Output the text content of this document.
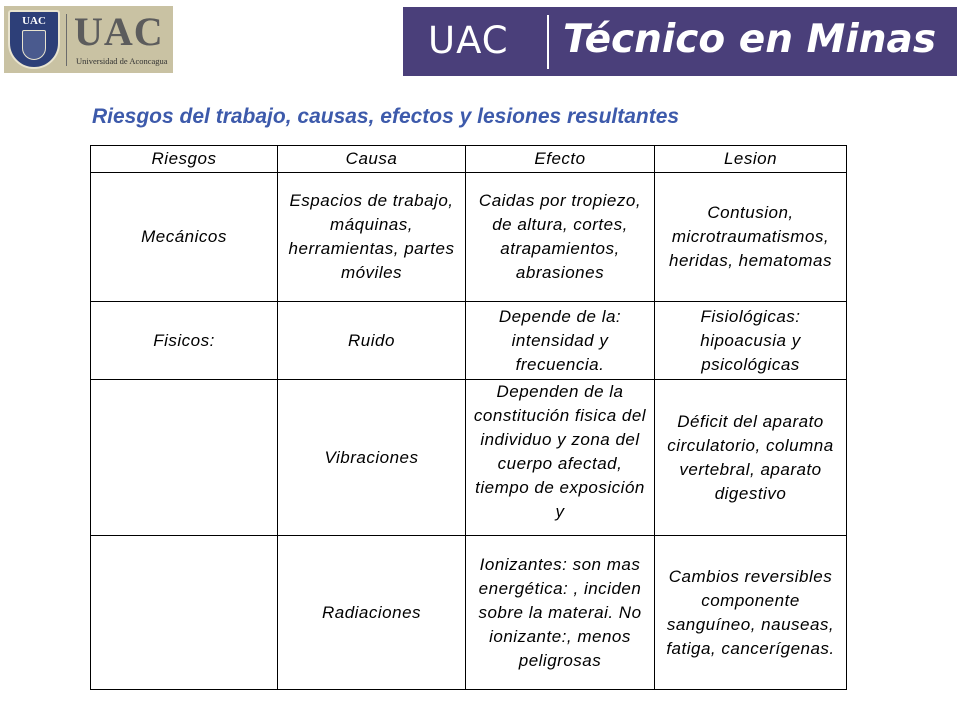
UAC UAC
Universidad de Aconcagua	UAC Técnico en Minas
Riesgos del trabajo, causas, efectos y lesiones resultantes
Riesgos	Causa	Efecto	Lesion
Mecánicos	Espacios de trabajo, máquinas, herramientas, partes móviles	Caidas por tropiezo, de altura, cortes, atrapamientos, abrasiones	Contusion, microtraumatismos, heridas, hematomas

Fisicos:	Ruido	Depende de la: intensidad y frecuencia.	Fisiológicas: hipoacusia y psicológicas

	Vibraciones	Dependen de la constitución fisica del individuo y zona del cuerpo afectad, tiempo de exposición y	Déficit del aparato circulatorio, columna vertebral, aparato digestivo

	Radiaciones	Ionizantes: son mas energética: , inciden sobre la materai. No ionizante:, menos peligrosas	Cambios reversibles componente sanguíneo, nauseas, fatiga, cancerígenas.
